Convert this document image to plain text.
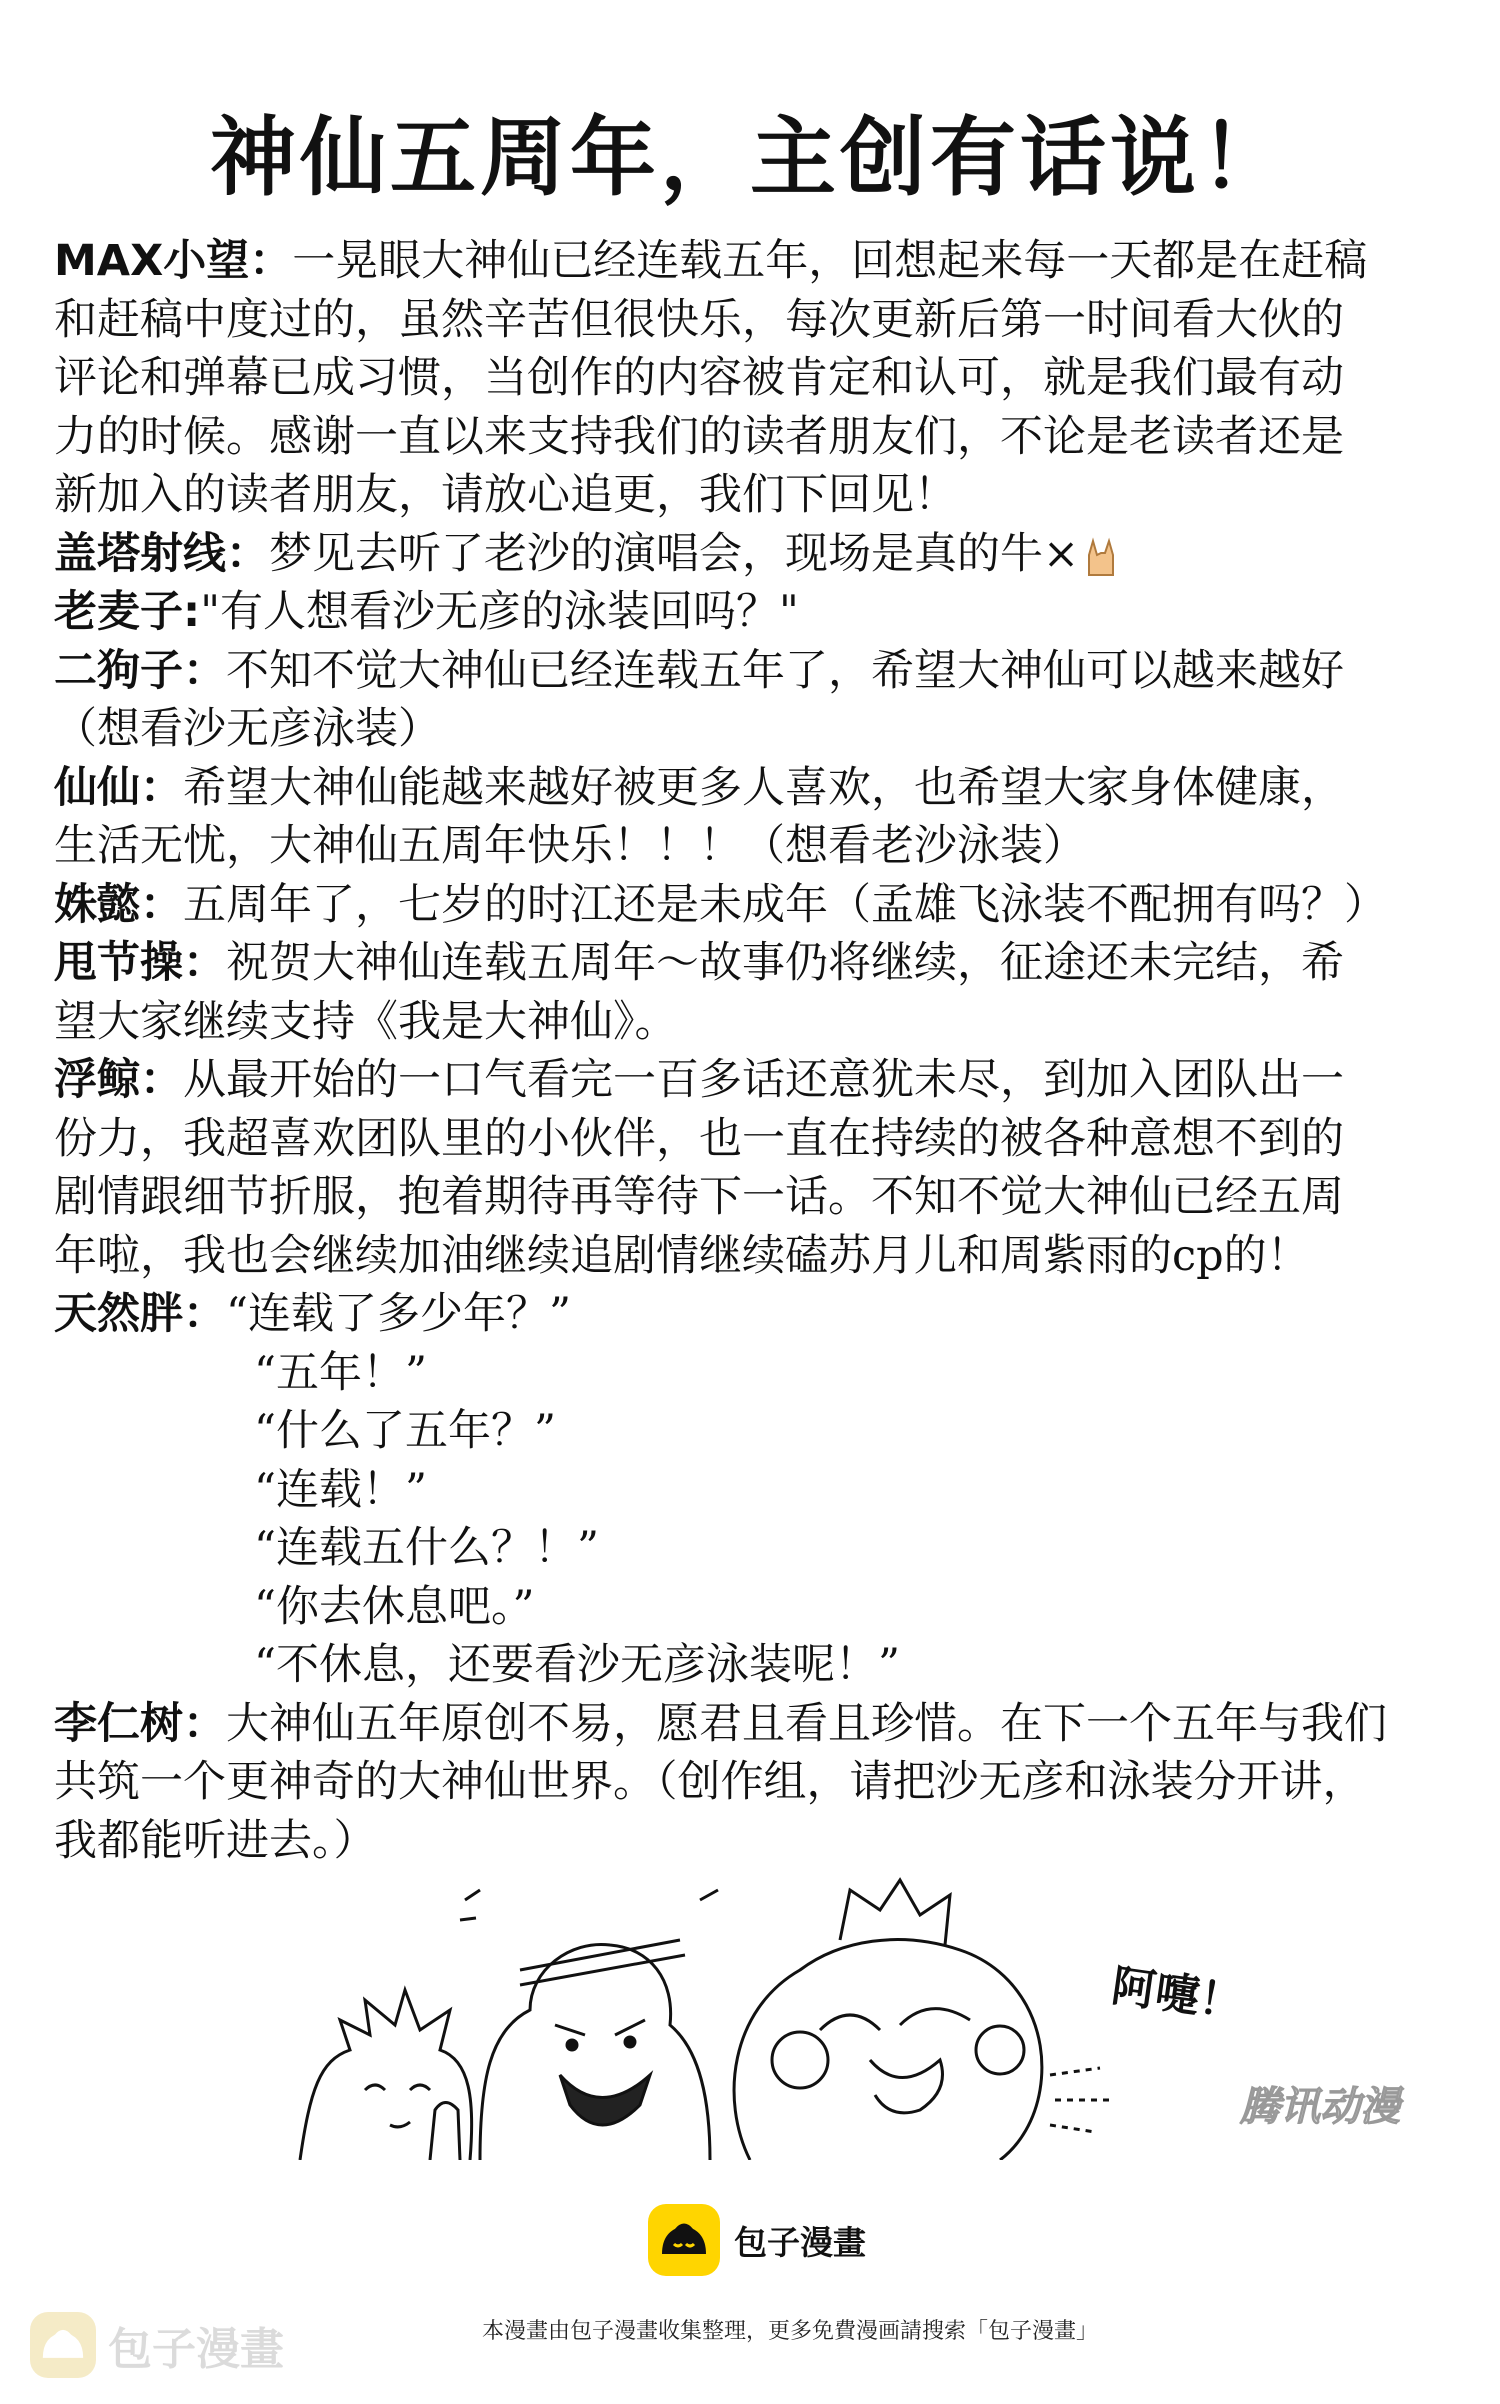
神仙五周年，主创有话说！
MAX小望：一晃眼大神仙已经连载五年，回想起来每一天都是在赶稿
和赶稿中度过的，虽然辛苦但很快乐，每次更新后第一时间看大伙的
评论和弹幕已成习惯，当创作的内容被肯定和认可，就是我们最有动
力的时候。感谢一直以来支持我们的读者朋友们，不论是老读者还是
新加入的读者朋友，请放心追更，我们下回见！
盖塔射线：梦见去听了老沙的演唱会，现场是真的牛×
老麦子:"有人想看沙无彦的泳装回吗？"
二狗子：不知不觉大神仙已经连载五年了，希望大神仙可以越来越好
（想看沙无彦泳装）
仙仙：希望大神仙能越来越好被更多人喜欢，也希望大家身体健康，
生活无忧，大神仙五周年快乐！！！（想看老沙泳装）
姝懿：五周年了，七岁的时江还是未成年（孟雄飞泳装不配拥有吗？）
甩节操：祝贺大神仙连载五周年～故事仍将继续，征途还未完结，希
望大家继续支持《我是大神仙》。
浮鲸：从最开始的一口气看完一百多话还意犹未尽，到加入团队出一
份力，我超喜欢团队里的小伙伴，也一直在持续的被各种意想不到的
剧情跟细节折服，抱着期待再等待下一话。不知不觉大神仙已经五周
年啦，我也会继续加油继续追剧情继续磕苏月儿和周紫雨的cp的！
天然胖：“连载了多少年？”
“五年！”
“什么了五年？”
“连载！”
“连载五什么？！”
“你去休息吧。”
“不休息，还要看沙无彦泳装呢！”
李仁树：大神仙五年原创不易，愿君且看且珍惜。在下一个五年与我们
共筑一个更神奇的大神仙世界。（创作组，请把沙无彦和泳装分开讲，
我都能听进去。）
阿嚏！
腾讯动漫
包子漫畫
本漫畫由包子漫畫收集整理，更多免費漫画請搜索「包子漫畫」
包子漫畫
